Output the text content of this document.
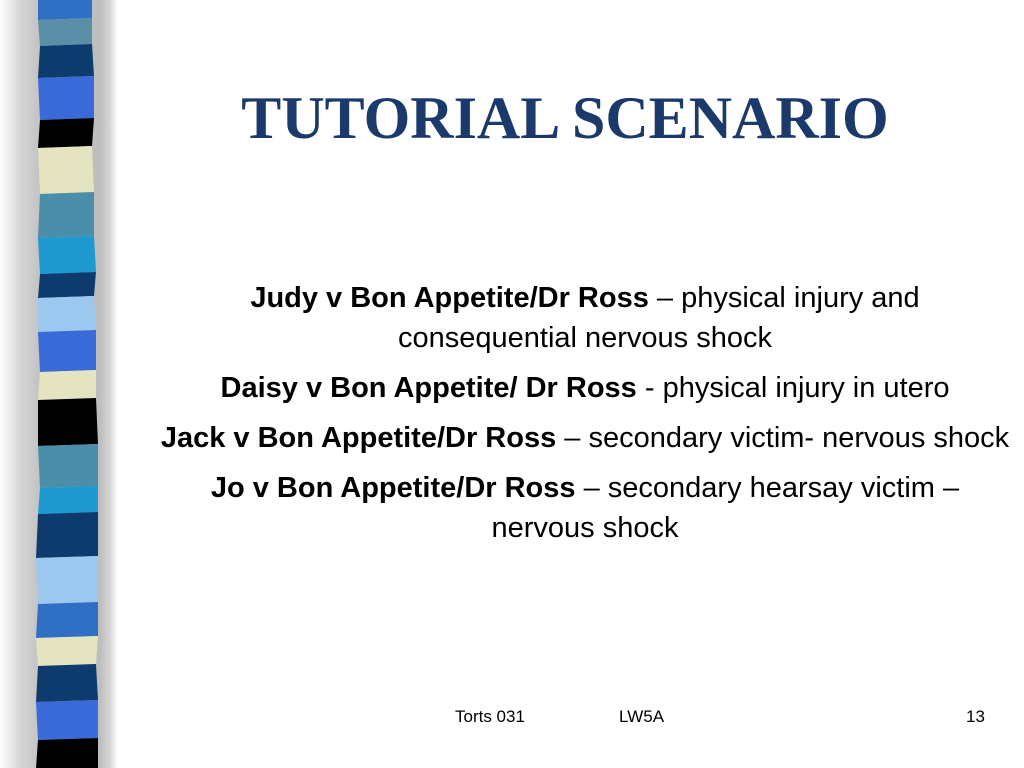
TUTORIAL SCENARIO
Judy v Bon Appetite/Dr Ross – physical injury and consequential nervous shock
Daisy v Bon Appetite/ Dr Ross - physical injury in utero
Jack v Bon Appetite/Dr Ross – secondary victim- nervous shock
Jo v Bon Appetite/Dr Ross – secondary hearsay victim – nervous shock
Torts 031	LW5A	13
